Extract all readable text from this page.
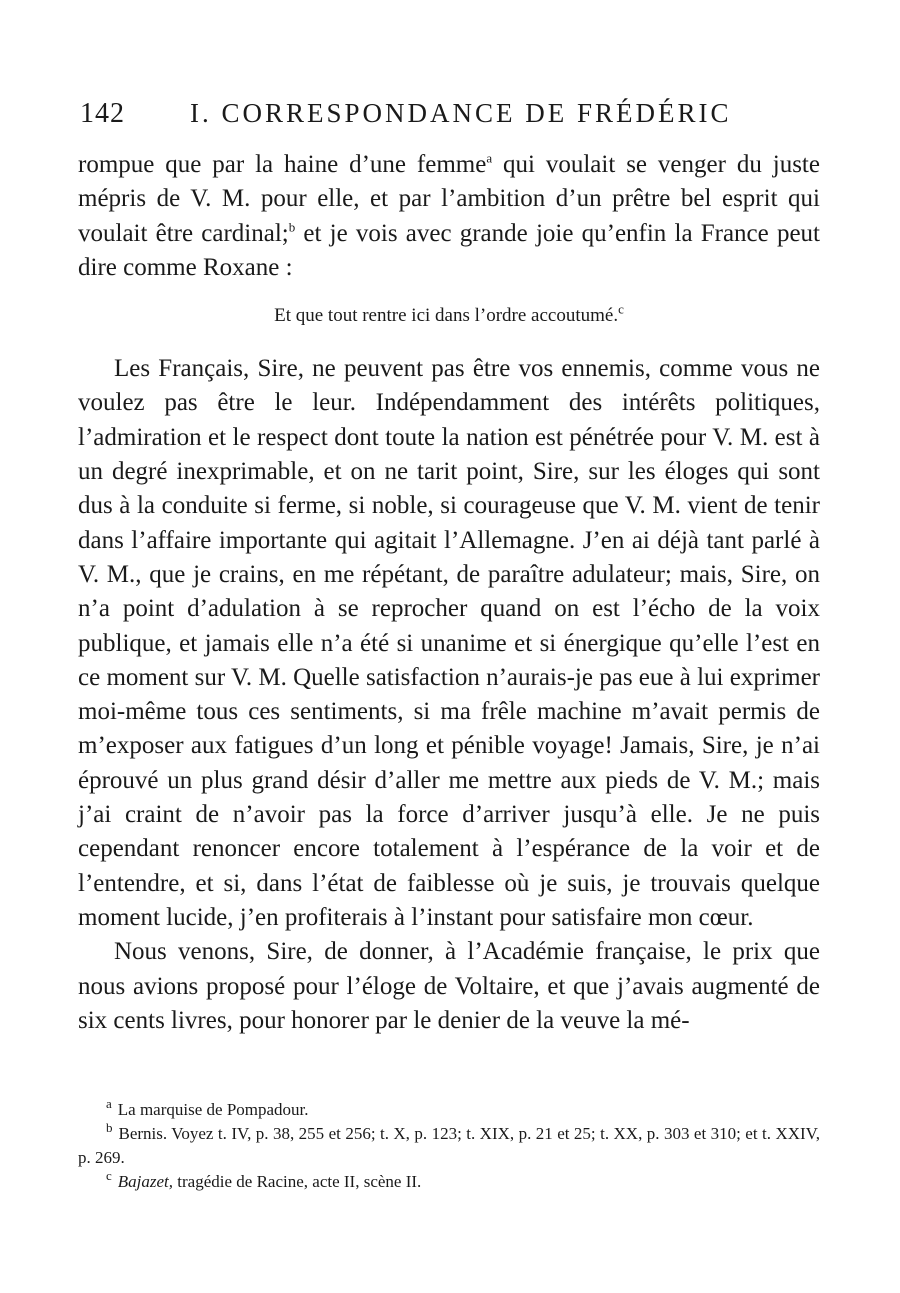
142 I. CORRESPONDANCE DE FRÉDÉRIC

rompue que par la haine d’une femme$^a$ qui voulait se venger du juste mépris de V. M. pour elle, et par l’ambition d’un prêtre bel esprit qui voulait être cardinal;$^b$ et je vois avec grande joie qu’enfin la France peut dire comme Roxane :

Et que tout rentre ici dans l’ordre accoutumé.$^c$

Les Français, Sire, ne peuvent pas être vos ennemis, comme vous ne voulez pas être le leur. Indépendamment des intérêts politiques, l’admiration et le respect dont toute la nation est pénétrée pour V. M. est à un degré inexprimable, et on ne tarit point, Sire, sur les éloges qui sont dus à la conduite si ferme, si noble, si courageuse que V. M. vient de tenir dans l’affaire importante qui agitait l’Allemagne. J’en ai déjà tant parlé à V. M., que je crains, en me répétant, de paraître adulateur; mais, Sire, on n’a point d’adulation à se reprocher quand on est l’écho de la voix publique, et jamais elle n’a été si unanime et si énergique qu’elle l’est en ce moment sur V. M. Quelle satisfaction n’aurais-je pas eue à lui exprimer moi-même tous ces sentiments, si ma frêle machine m’avait permis de m’exposer aux fatigues d’un long et pénible voyage! Jamais, Sire, je n’ai éprouvé un plus grand désir d’aller me mettre aux pieds de V. M.; mais j’ai craint de n’avoir pas la force d’arriver jusqu’à elle. Je ne puis cependant renoncer encore totalement à l’espérance de la voir et de l’entendre, et si, dans l’état de faiblesse où je suis, je trouvais quelque moment lucide, j’en profiterais à l’instant pour satisfaire mon cœur.

Nous venons, Sire, de donner, à l’Académie française, le prix que nous avions proposé pour l’éloge de Voltaire, et que j’avais augmenté de six cents livres, pour honorer par le denier de la veuve la mé-

$^a$ La marquise de Pompadour.

$^b$ Bernis. Voyez t. IV, p. 38, 255 et 256; t. X, p. 123; t. XIX, p. 21 et 25; t. XX, p. 303 et 310; et t. XXIV, p. 269.

$^c$ Bajazet, tragédie de Racine, acte II, scène II.
